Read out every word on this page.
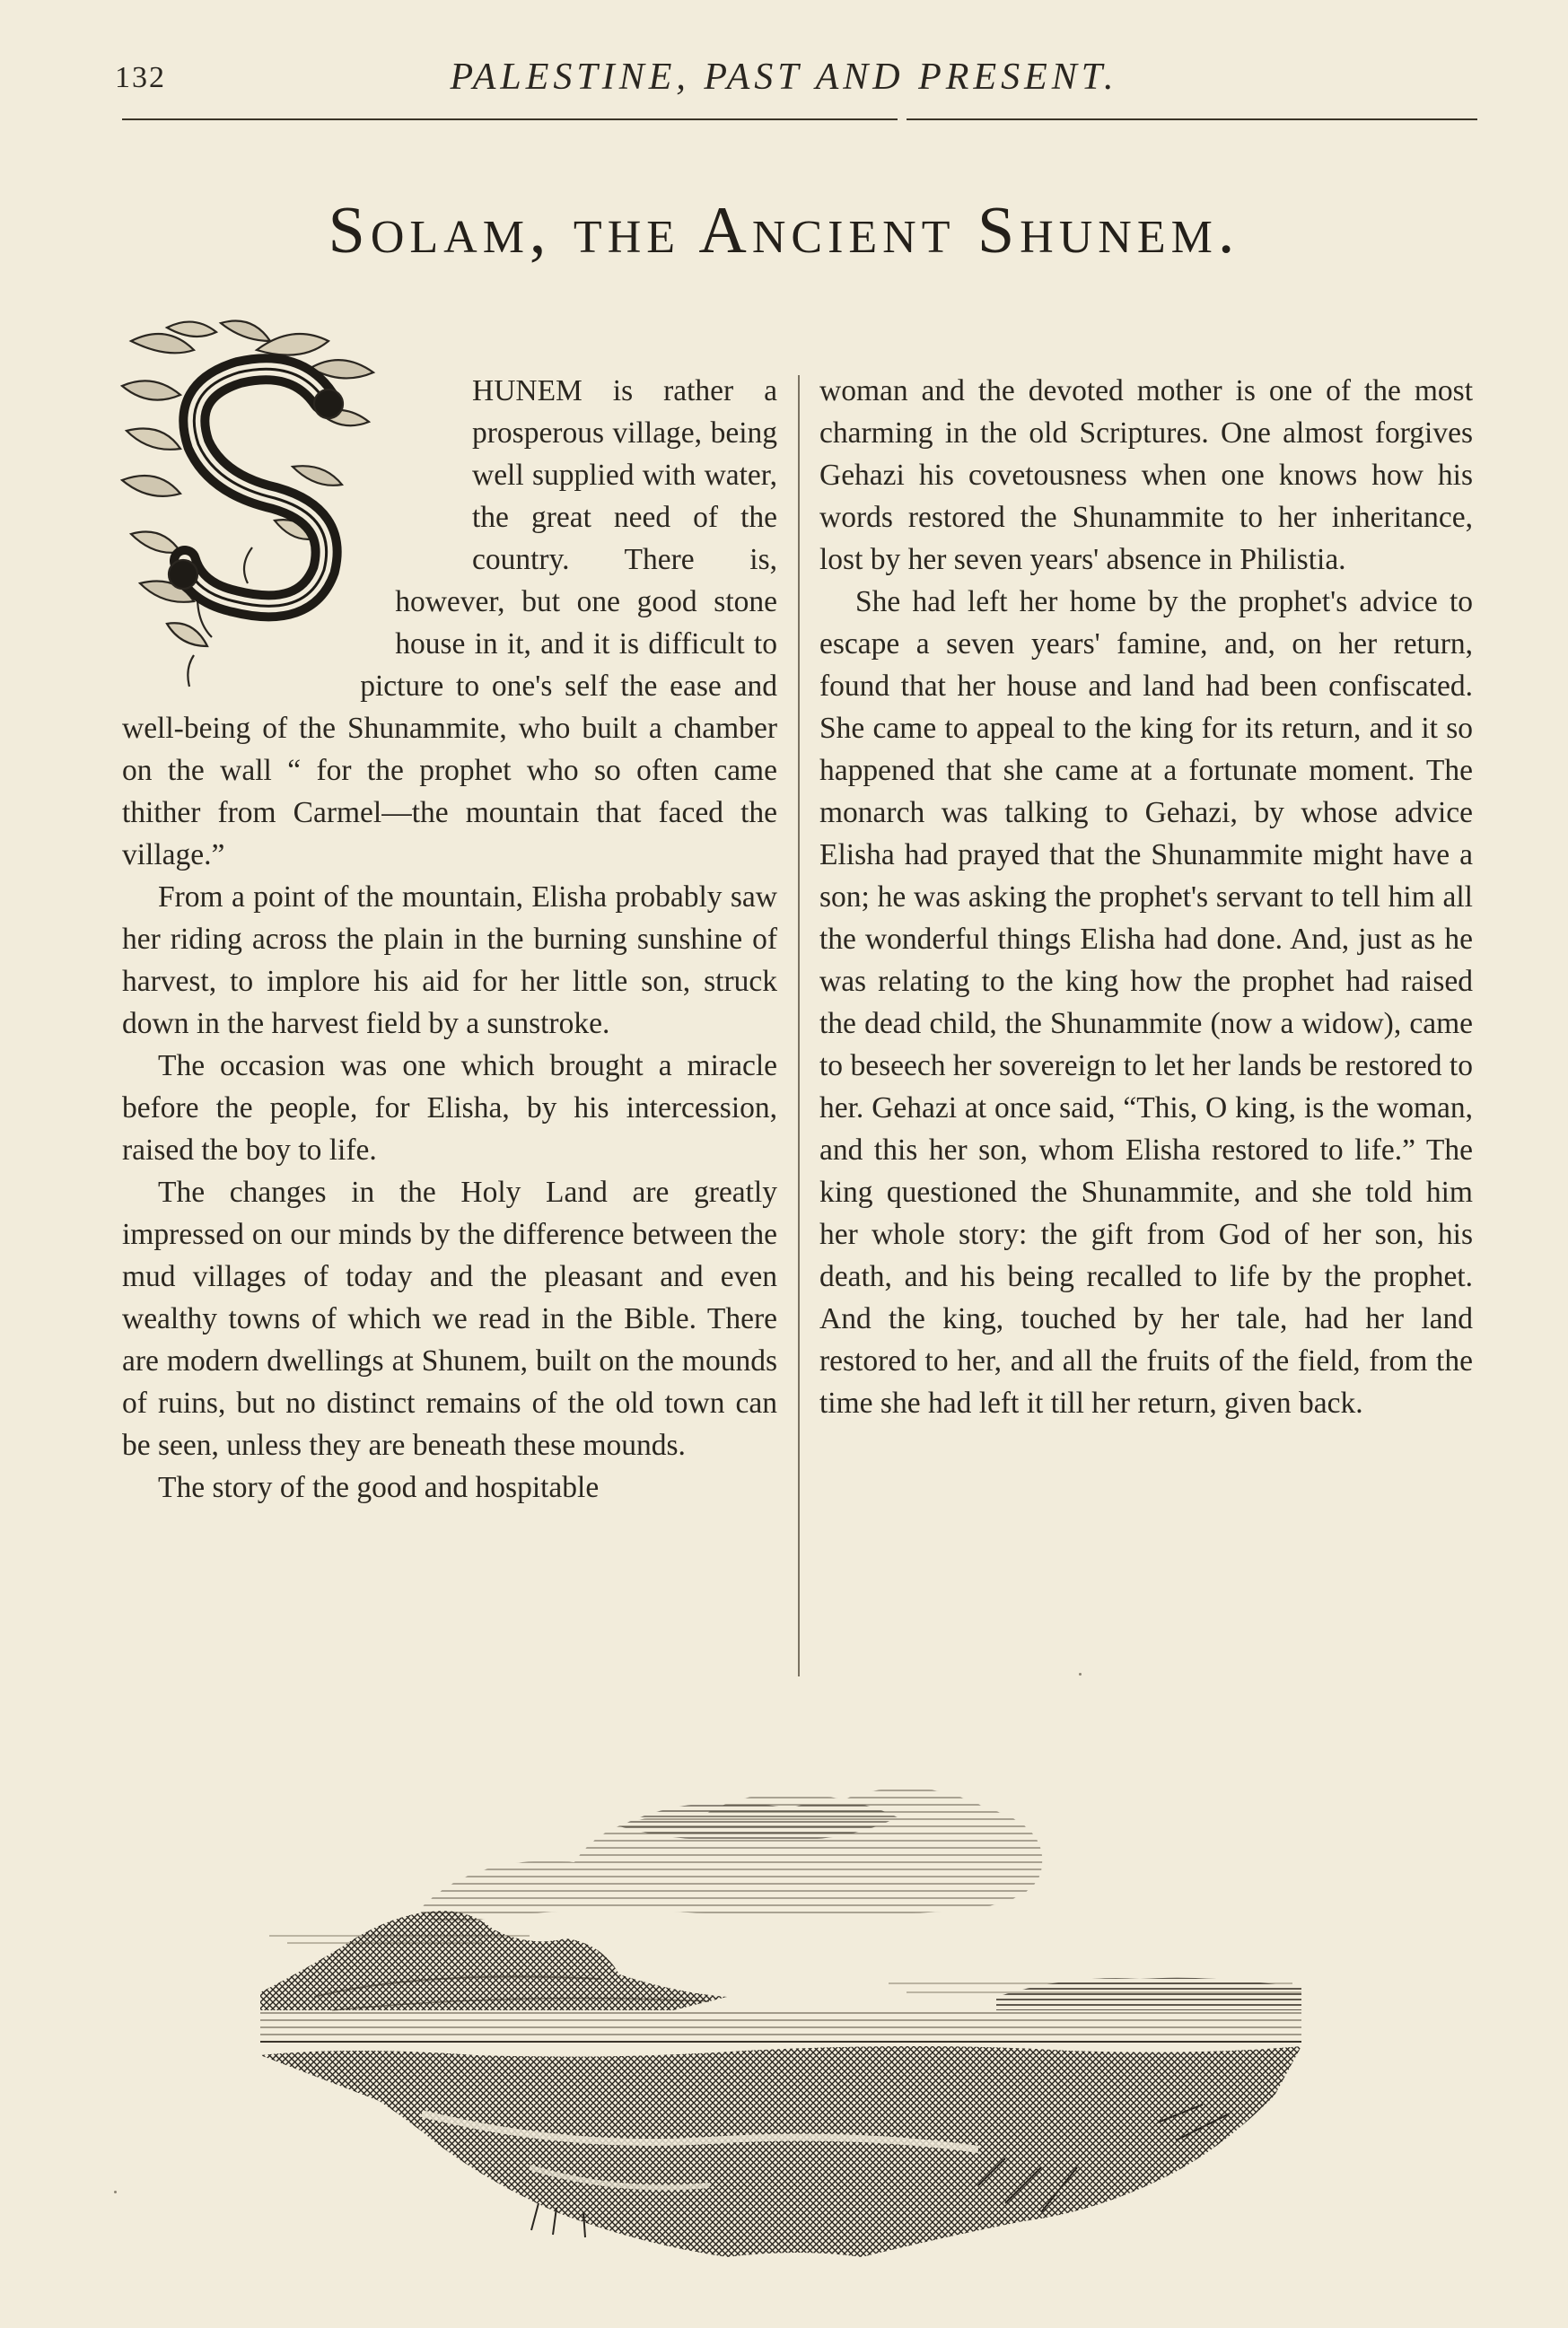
132	PALESTINE, PAST AND PRESENT.
Solam, the Ancient Shunem.

HUNEM is rather a prosperous village, being well supplied with water, the great need of the country. There is, however, but one good stone house in it, and it is difficult to picture to one's self the ease and well-being of the Shunammite, who built a chamber on the wall “ for the prophet who so often came thither from Carmel—the mountain that faced the village.”

From a point of the mountain, Elisha probably saw her riding across the plain in the burning sunshine of harvest, to implore his aid for her little son, struck down in the harvest field by a sunstroke.

The occasion was one which brought a miracle before the people, for Elisha, by his intercession, raised the boy to life.

The changes in the Holy Land are greatly impressed on our minds by the difference between the mud villages of today and the pleasant and even wealthy towns of which we read in the Bible. There are modern dwellings at Shunem, built on the mounds of ruins, but no distinct remains of the old town can be seen, unless they are beneath these mounds.

The story of the good and hospitable

woman and the devoted mother is one of the most charming in the old Scriptures. One almost forgives Gehazi his covetousness when one knows how his words restored the Shunammite to her inheritance, lost by her seven years' absence in Philistia.

She had left her home by the prophet's advice to escape a seven years' famine, and, on her return, found that her house and land had been confiscated. She came to appeal to the king for its return, and it so happened that she came at a fortunate moment. The monarch was talking to Gehazi, by whose advice Elisha had prayed that the Shunammite might have a son; he was asking the prophet's servant to tell him all the wonderful things Elisha had done. And, just as he was relating to the king how the prophet had raised the dead child, the Shunammite (now a widow), came to beseech her sovereign to let her lands be restored to her. Gehazi at once said, “This, O king, is the woman, and this her son, whom Elisha restored to life.” The king questioned the Shunammite, and she told him her whole story: the gift from God of her son, his death, and his being recalled to life by the prophet. And the king, touched by her tale, had her land restored to her, and all the fruits of the field, from the time she had left it till her return, given back.
